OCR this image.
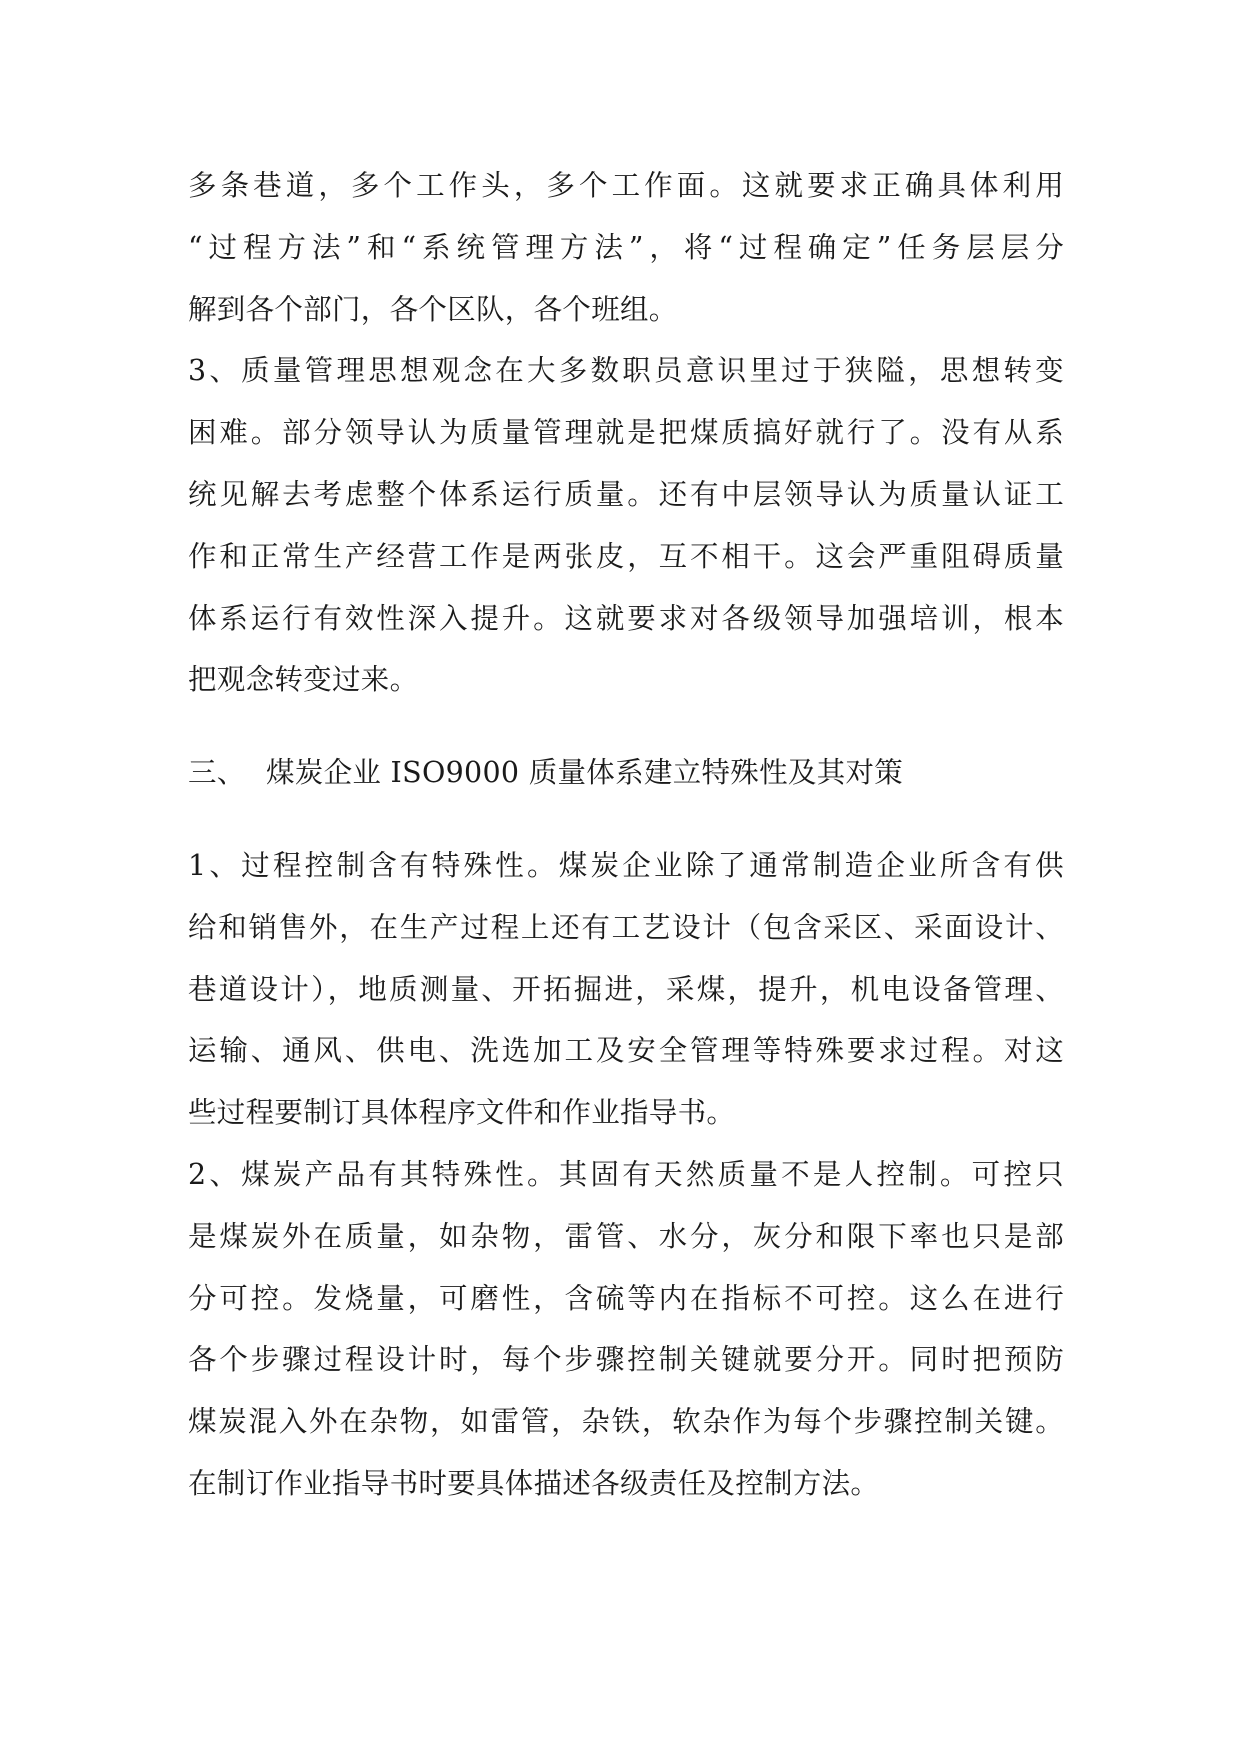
多条巷道，多个工作头，多个工作面。这就要求正确具体利用
“过程方法”和“系统管理方法”，将“过程确定”任务层层分
解到各个部门，各个区队，各个班组。
3、质量管理思想观念在大多数职员意识里过于狭隘，思想转变
困难。部分领导认为质量管理就是把煤质搞好就行了。没有从系
统见解去考虑整个体系运行质量。还有中层领导认为质量认证工
作和正常生产经营工作是两张皮，互不相干。这会严重阻碍质量
体系运行有效性深入提升。这就要求对各级领导加强培训，根本
把观念转变过来。
三、 煤炭企业 ISO9000 质量体系建立特殊性及其对策
1、过程控制含有特殊性。煤炭企业除了通常制造企业所含有供
给和销售外，在生产过程上还有工艺设计（包含采区、采面设计、
巷道设计），地质测量、开拓掘进，采煤，提升，机电设备管理、
运输、通风、供电、洗选加工及安全管理等特殊要求过程。对这
些过程要制订具体程序文件和作业指导书。
2、煤炭产品有其特殊性。其固有天然质量不是人控制。可控只
是煤炭外在质量，如杂物，雷管、水分，灰分和限下率也只是部
分可控。发烧量，可磨性，含硫等内在指标不可控。这么在进行
各个步骤过程设计时，每个步骤控制关键就要分开。同时把预防
煤炭混入外在杂物，如雷管，杂铁，软杂作为每个步骤控制关键。
在制订作业指导书时要具体描述各级责任及控制方法。
